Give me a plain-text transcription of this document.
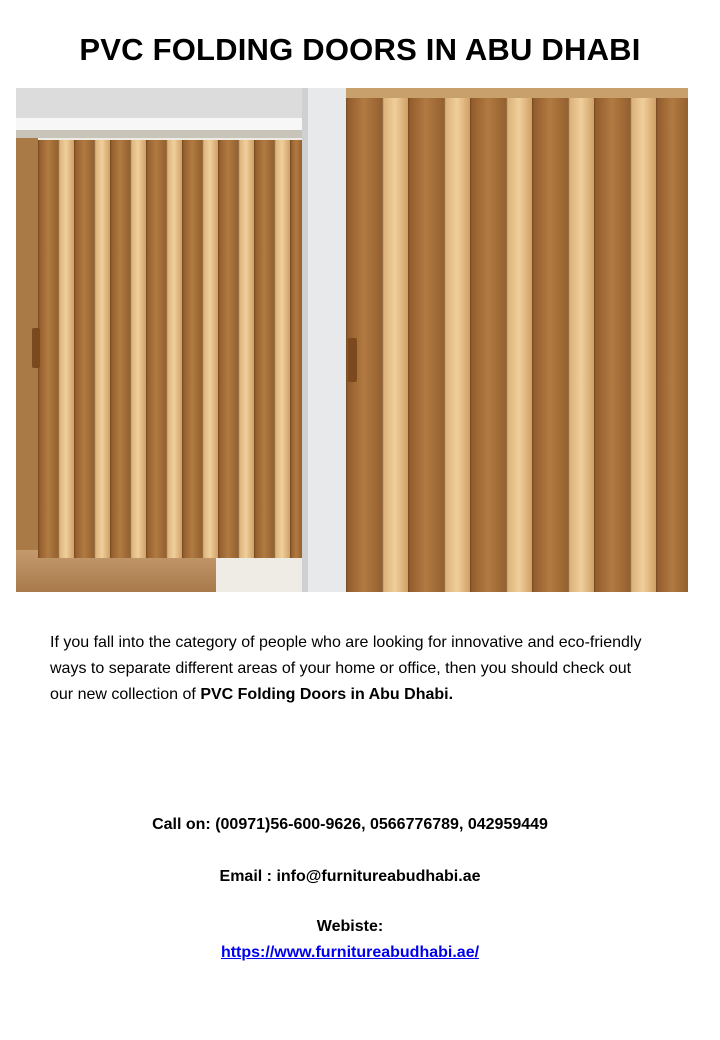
PVC FOLDING DOORS IN ABU DHABI

If you fall into the category of people who are looking for innovative and eco-friendly ways to separate different areas of your home or office, then you should check out our new collection of PVC Folding Doors in Abu Dhabi.

Call on: (00971)56-600-9626, 0566776789, 042959449

Email : info@furnitureabudhabi.ae

Webiste:

https://www.furnitureabudhabi.ae/
